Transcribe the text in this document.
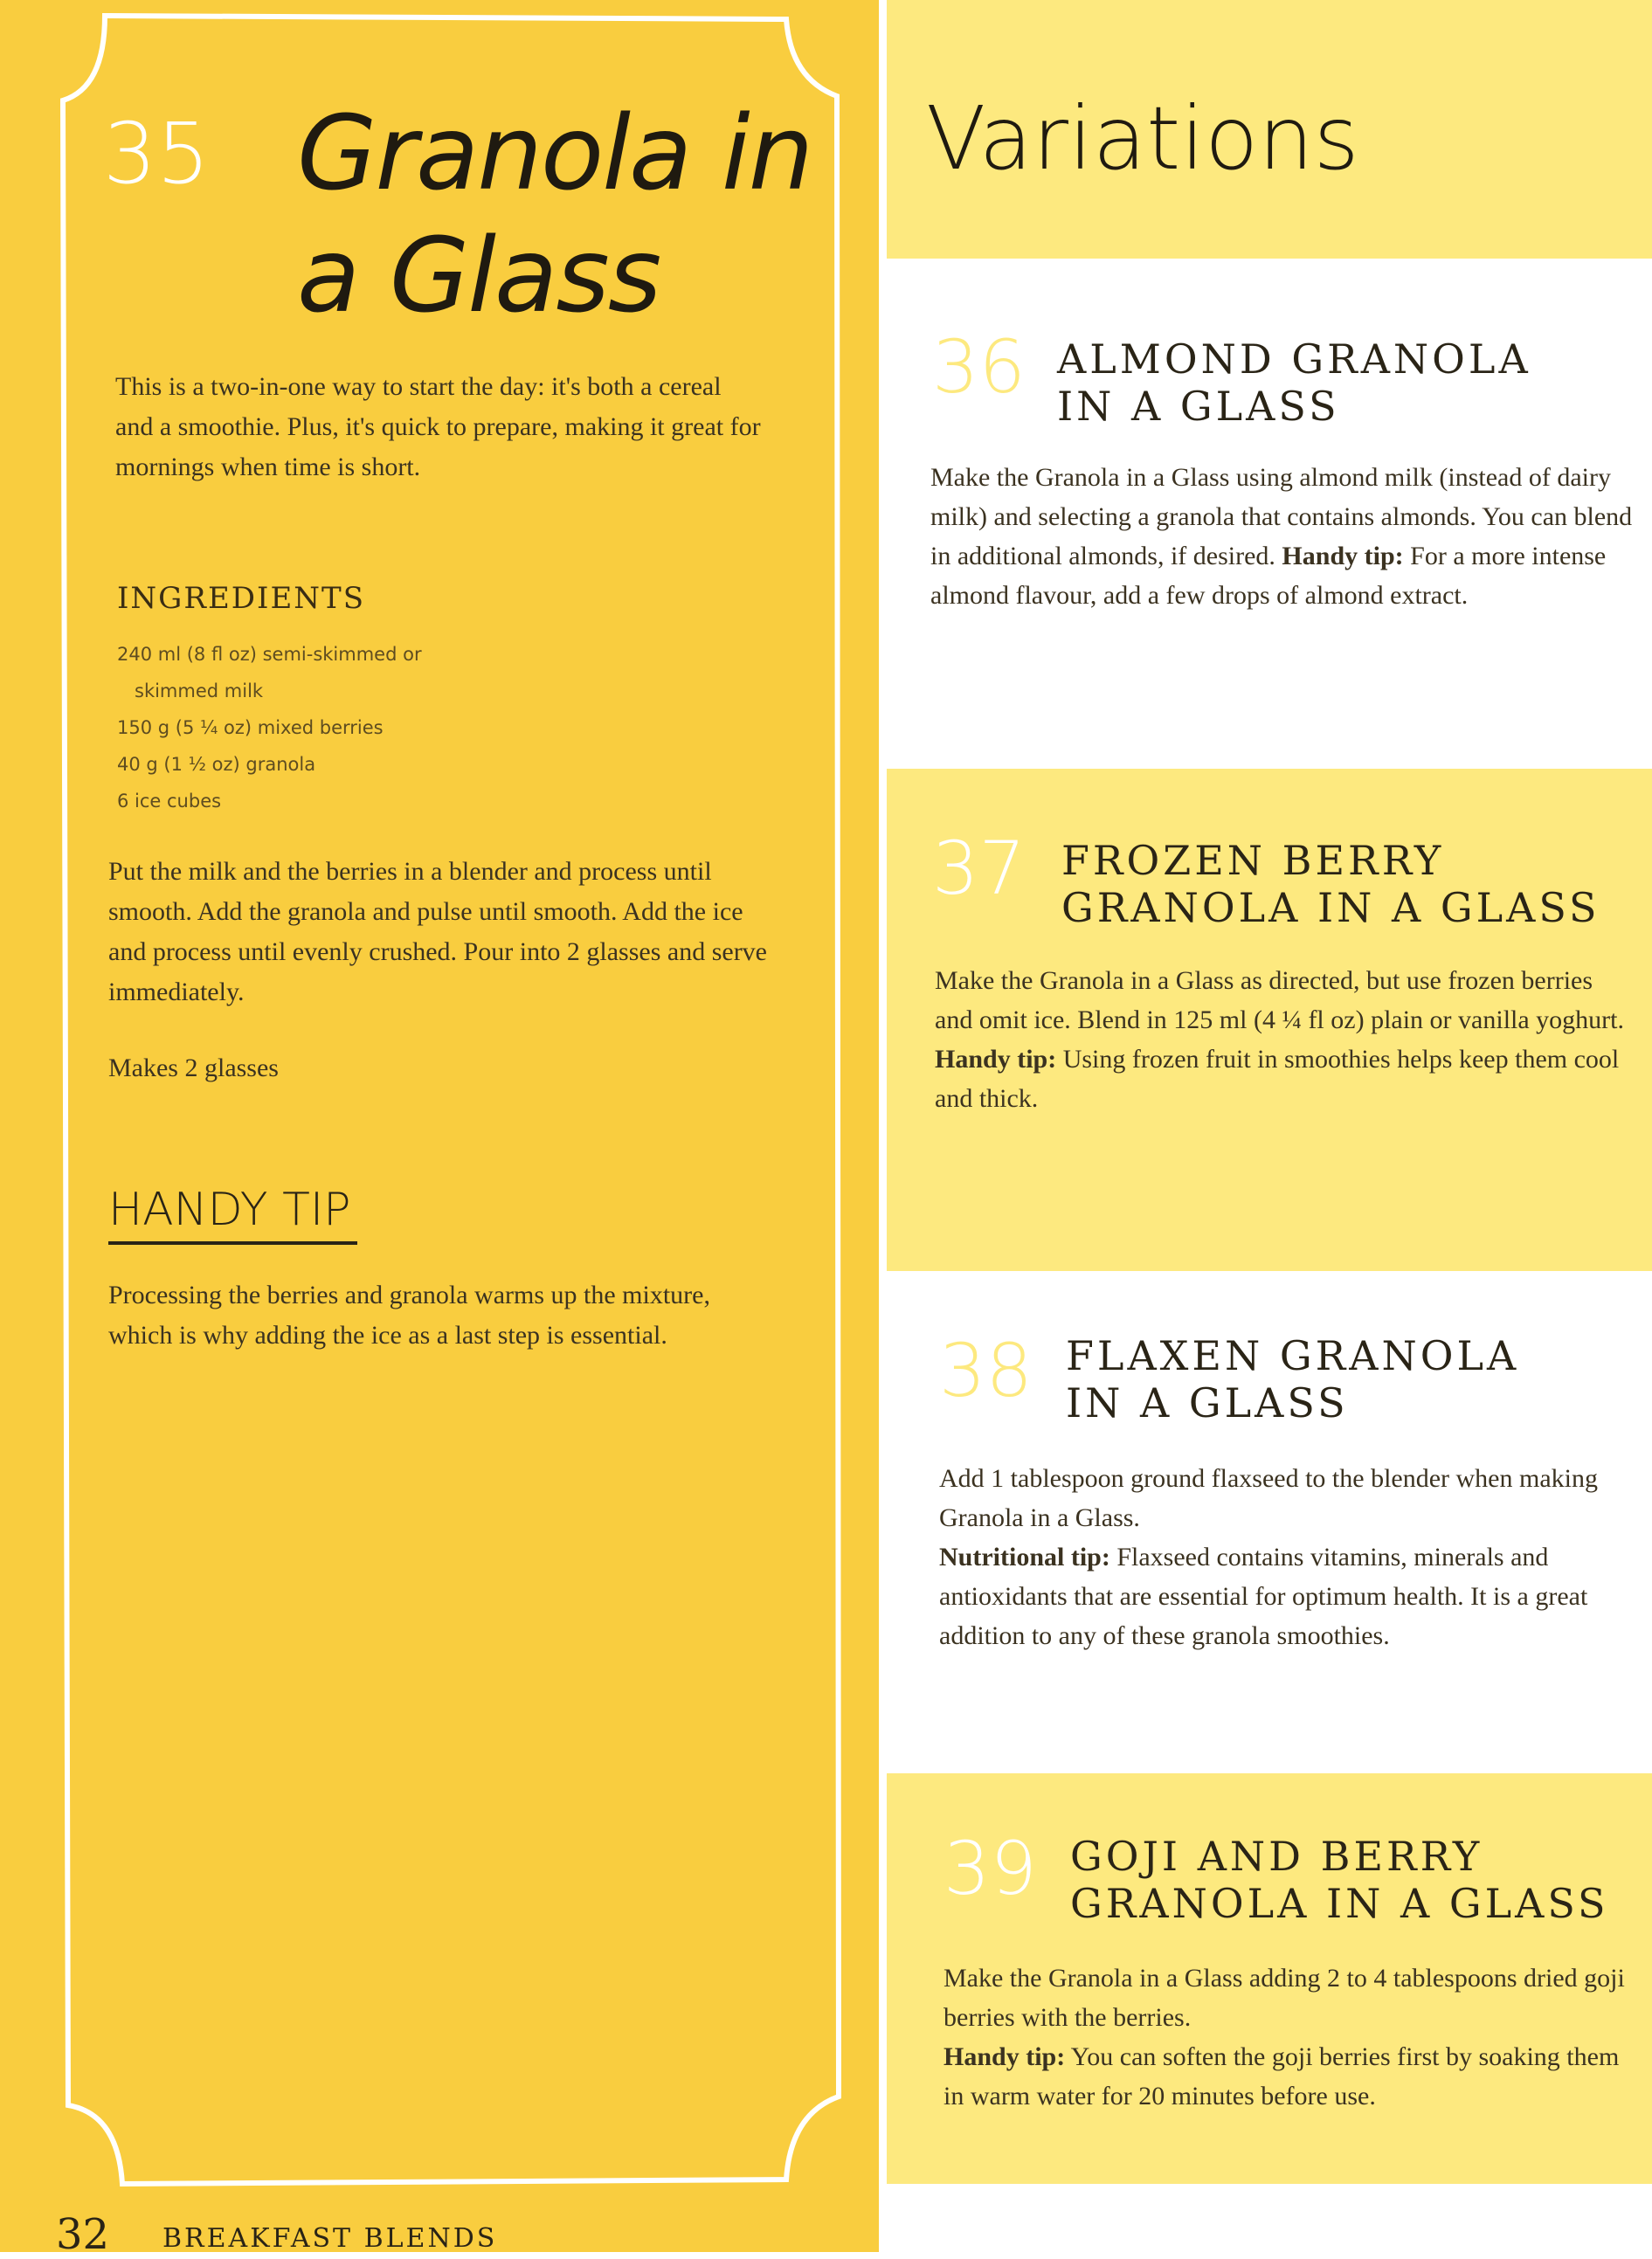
35 Granola in
a Glass
This is a two-in-one way to start the day: it's both a cereal and a smoothie. Plus, it's quick to prepare, making it great for mornings when time is short.
INGREDIENTS
240 ml (8 fl oz) semi-skimmed or
skimmed milk
150 g (5 ¼ oz) mixed berries
40 g (1 ½ oz) granola
6 ice cubes
Put the milk and the berries in a blender and process until smooth. Add the granola and pulse until smooth. Add the ice and process until evenly crushed. Pour into 2 glasses and serve immediately.
Makes 2 glasses
HANDY TIP
Processing the berries and granola warms up the mixture, which is why adding the ice as a last step is essential.
32 BREAKFAST BLENDS
Variations
36 ALMOND GRANOLA
IN A GLASS
Make the Granola in a Glass using almond milk (instead of dairy milk) and selecting a granola that contains almonds. You can blend in additional almonds, if desired. Handy tip: For a more intense almond flavour, add a few drops of almond extract.
37 FROZEN BERRY
GRANOLA IN A GLASS
Make the Granola in a Glass as directed, but use frozen berries and omit ice. Blend in 125 ml (4 ¼ fl oz) plain or vanilla yoghurt.
Handy tip: Using frozen fruit in smoothies helps keep them cool and thick.
38 FLAXEN GRANOLA
IN A GLASS
Add 1 tablespoon ground flaxseed to the blender when making Granola in a Glass.
Nutritional tip: Flaxseed contains vitamins, minerals and antioxidants that are essential for optimum health. It is a great addition to any of these granola smoothies.
39 GOJI AND BERRY
GRANOLA IN A GLASS
Make the Granola in a Glass adding 2 to 4 tablespoons dried goji berries with the berries.
Handy tip: You can soften the goji berries first by soaking them in warm water for 20 minutes before use.
